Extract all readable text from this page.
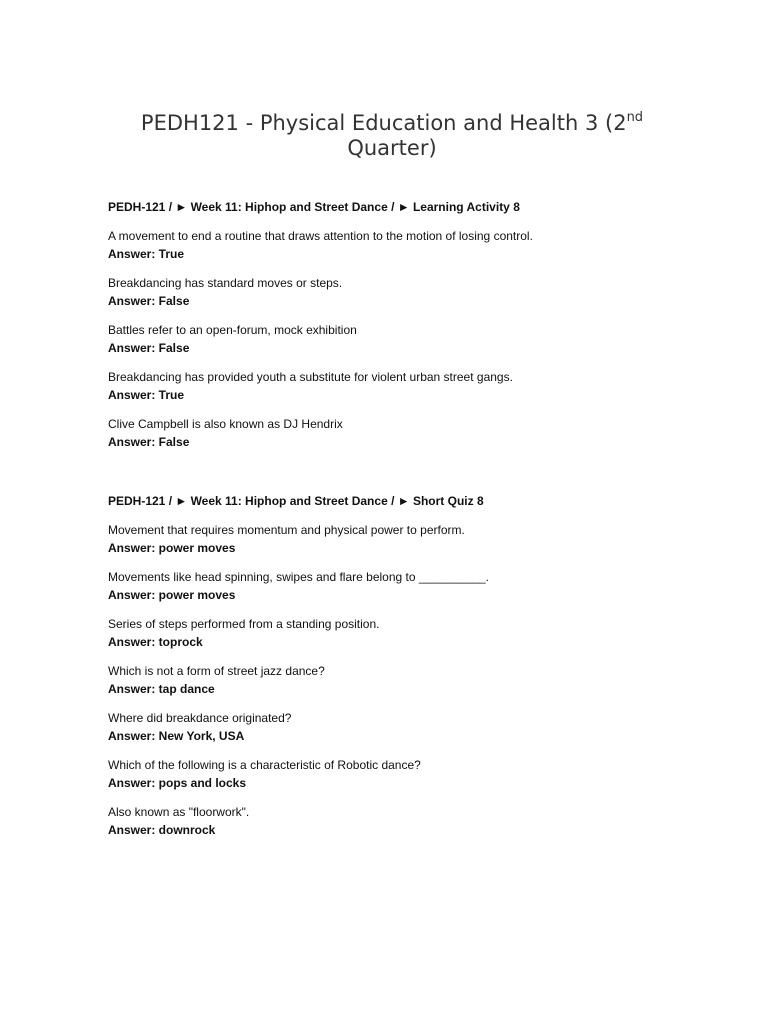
PEDH121 - Physical Education and Health 3 (2nd Quarter)

PEDH-121 / ► Week 11: Hiphop and Street Dance / ► Learning Activity 8

A movement to end a routine that draws attention to the motion of losing control.

Answer: True

Breakdancing has standard moves or steps.

Answer: False

Battles refer to an open-forum, mock exhibition

Answer: False

Breakdancing has provided youth a substitute for violent urban street gangs.

Answer: True

Clive Campbell is also known as DJ Hendrix

Answer: False

PEDH-121 / ► Week 11: Hiphop and Street Dance / ► Short Quiz 8

Movement that requires momentum and physical power to perform.

Answer: power moves

Movements like head spinning, swipes and flare belong to __________.

Answer: power moves

Series of steps performed from a standing position.

Answer: toprock

Which is not a form of street jazz dance?

Answer: tap dance

Where did breakdance originated?

Answer: New York, USA

Which of the following is a characteristic of Robotic dance?

Answer: pops and locks

Also known as "floorwork".

Answer: downrock
